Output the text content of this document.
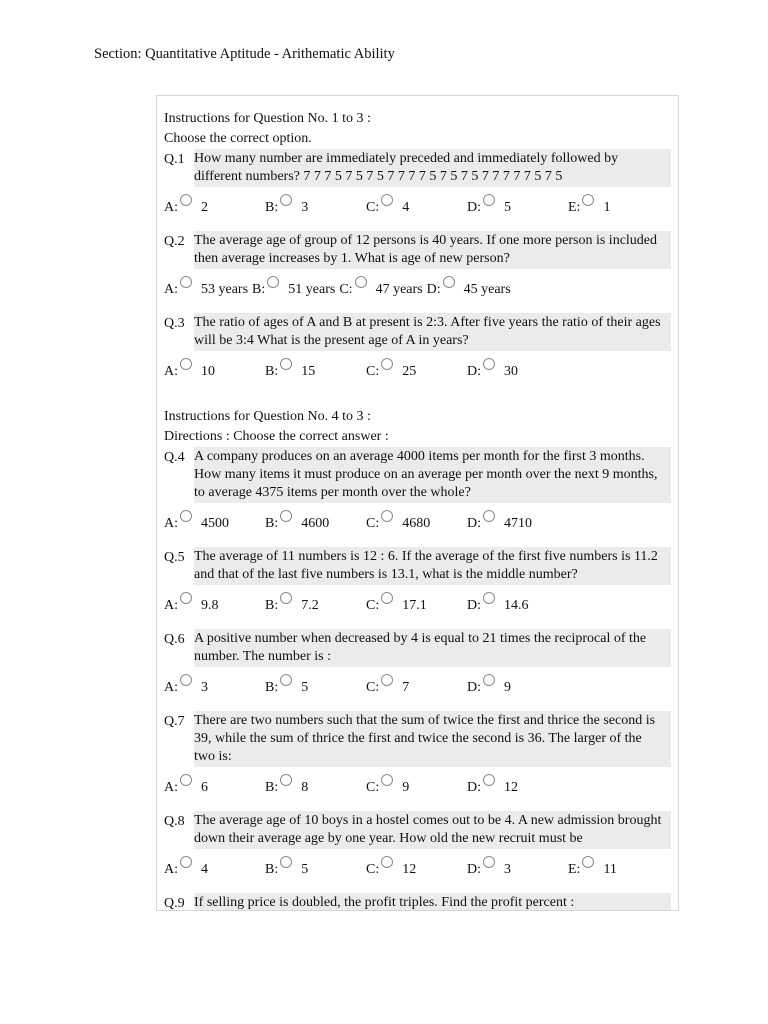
Section: Quantitative Aptitude - Arithematic Ability
Instructions for Question No. 1 to 3 :
Choose the correct option.
Q.1 How many number are immediately preceded and immediately followed by different numbers? 7 7 7 5 7 5 7 5 7 7 7 7 5 7 5 7 5 7 7 7 7 7 5 7 5
A: 2	B: 3	C: 4	D: 5	E: 1
Q.2 The average age of group of 12 persons is 40 years. If one more person is included then average increases by 1. What is age of new person?
A: 53 years B: 51 years C: 47 years D: 45 years
Q.3 The ratio of ages of A and B at present is 2:3. After five years the ratio of their ages will be 3:4 What is the present age of A in years?
A: 10	B: 15	C: 25	D: 30
Instructions for Question No. 4 to 3 :
Directions : Choose the correct answer :
Q.4 A company produces on an average 4000 items per month for the first 3 months. How many items it must produce on an average per month over the next 9 months, to average 4375 items per month over the whole?
A: 4500	B: 4600	C: 4680	D: 4710
Q.5 The average of 11 numbers is 12 : 6. If the average of the first five numbers is 11.2 and that of the last five numbers is 13.1, what is the middle number?
A: 9.8	B: 7.2	C: 17.1	D: 14.6
Q.6 A positive number when decreased by 4 is equal to 21 times the reciprocal of the number. The number is :
A: 3	B: 5	C: 7	D: 9
Q.7 There are two numbers such that the sum of twice the first and thrice the second is 39, while the sum of thrice the first and twice the second is 36. The larger of the two is:
A: 6	B: 8	C: 9	D: 12
Q.8 The average age of 10 boys in a hostel comes out to be 4. A new admission brought down their average age by one year. How old the new recruit must be
A: 4	B: 5	C: 12	D: 3	E: 11
Q.9 If selling price is doubled, the profit triples. Find the profit percent :
